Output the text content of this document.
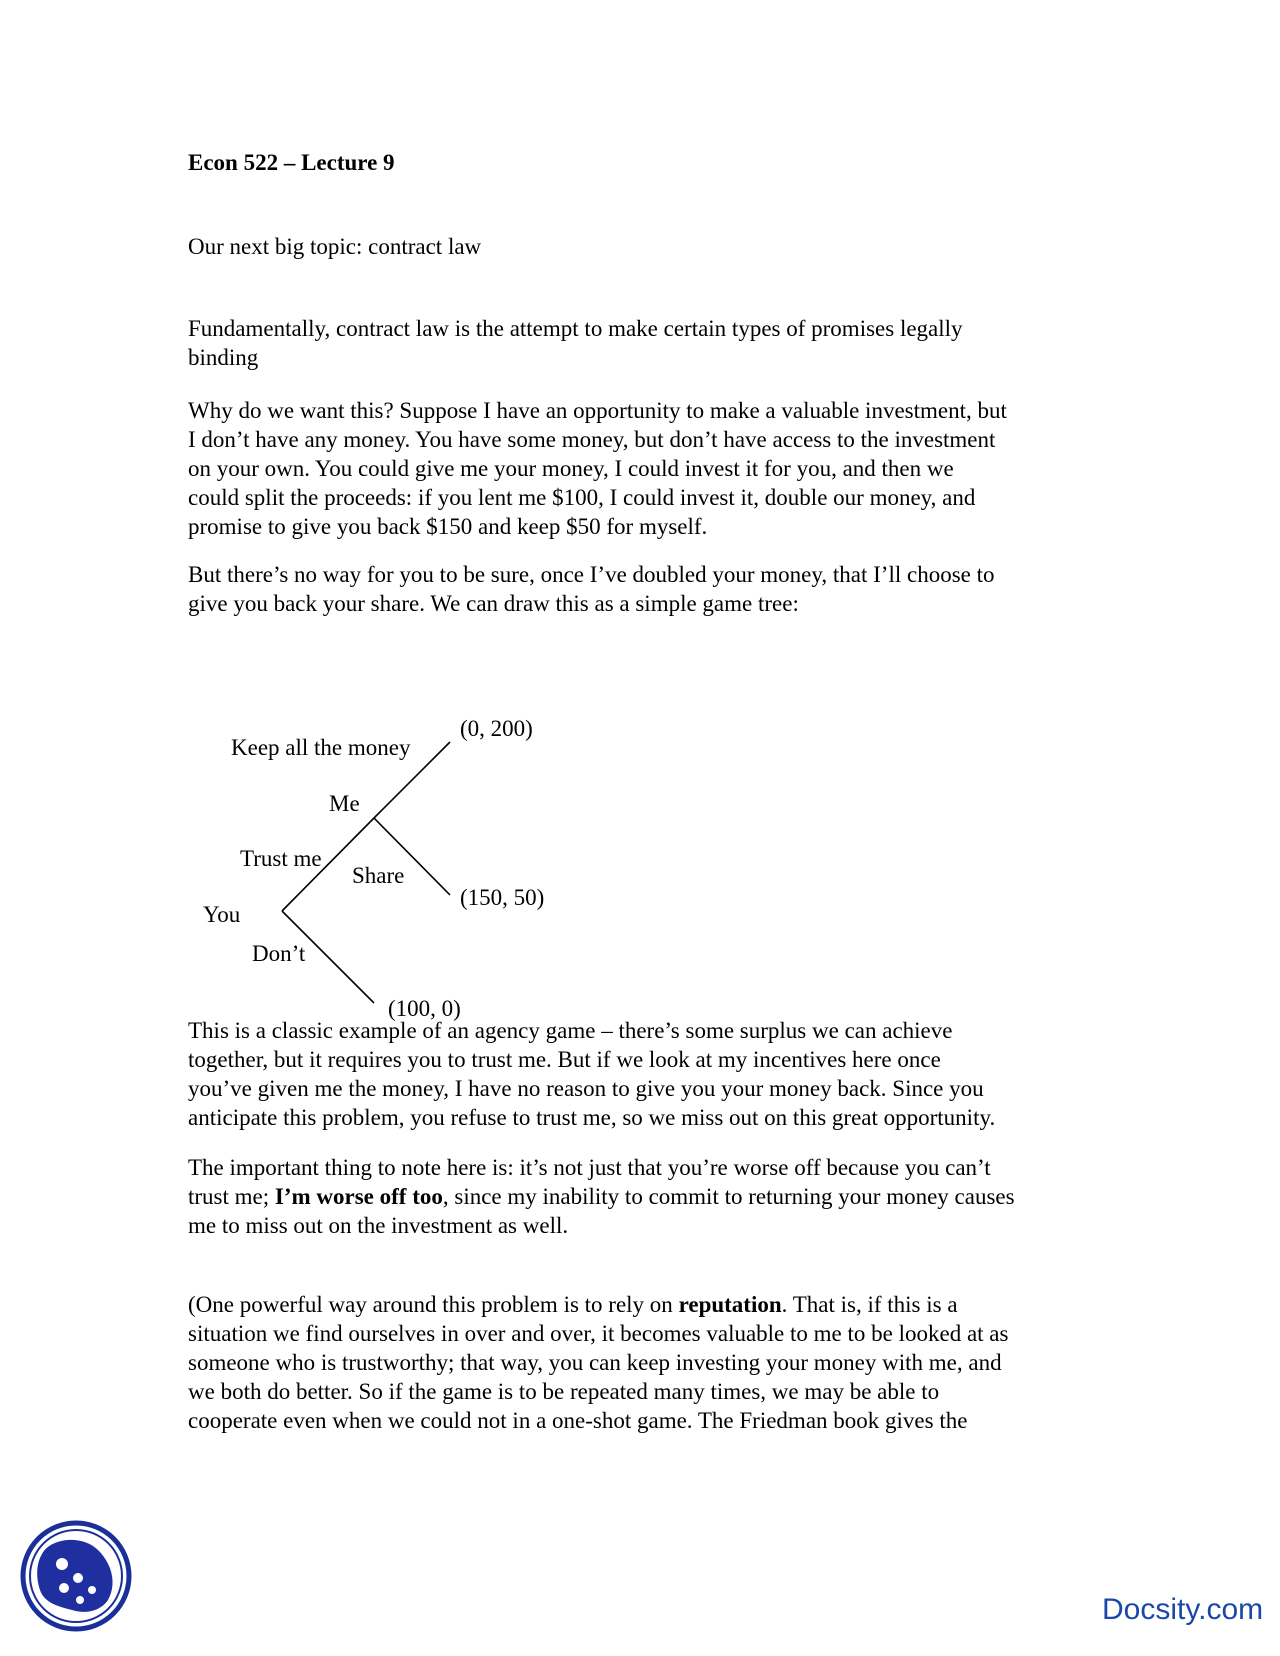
Econ 522 – Lecture 9
Our next big topic: contract law
Fundamentally, contract law is the attempt to make certain types of promises legally
binding
Why do we want this? Suppose I have an opportunity to make a valuable investment, but
I don’t have any money. You have some money, but don’t have access to the investment
on your own. You could give me your money, I could invest it for you, and then we
could split the proceeds: if you lent me $100, I could invest it, double our money, and
promise to give you back $150 and keep $50 for myself.
But there’s no way for you to be sure, once I’ve doubled your money, that I’ll choose to
give you back your share. We can draw this as a simple game tree:
This is a classic example of an agency game – there’s some surplus we can achieve
together, but it requires you to trust me. But if we look at my incentives here once
you’ve given me the money, I have no reason to give you your money back. Since you
anticipate this problem, you refuse to trust me, so we miss out on this great opportunity.
The important thing to note here is: it’s not just that you’re worse off because you can’t
trust me; I’m worse off too, since my inability to commit to returning your money causes
me to miss out on the investment as well.
(One powerful way around this problem is to rely on reputation. That is, if this is a
situation we find ourselves in over and over, it becomes valuable to me to be looked at as
someone who is trustworthy; that way, you can keep investing your money with me, and
we both do better. So if the game is to be repeated many times, we may be able to
cooperate even when we could not in a one-shot game. The Friedman book gives the
(0, 200)
Keep all the money
Me
Trust me
Share
(150, 50)
You
Don’t
(100, 0)
Docsity.com
